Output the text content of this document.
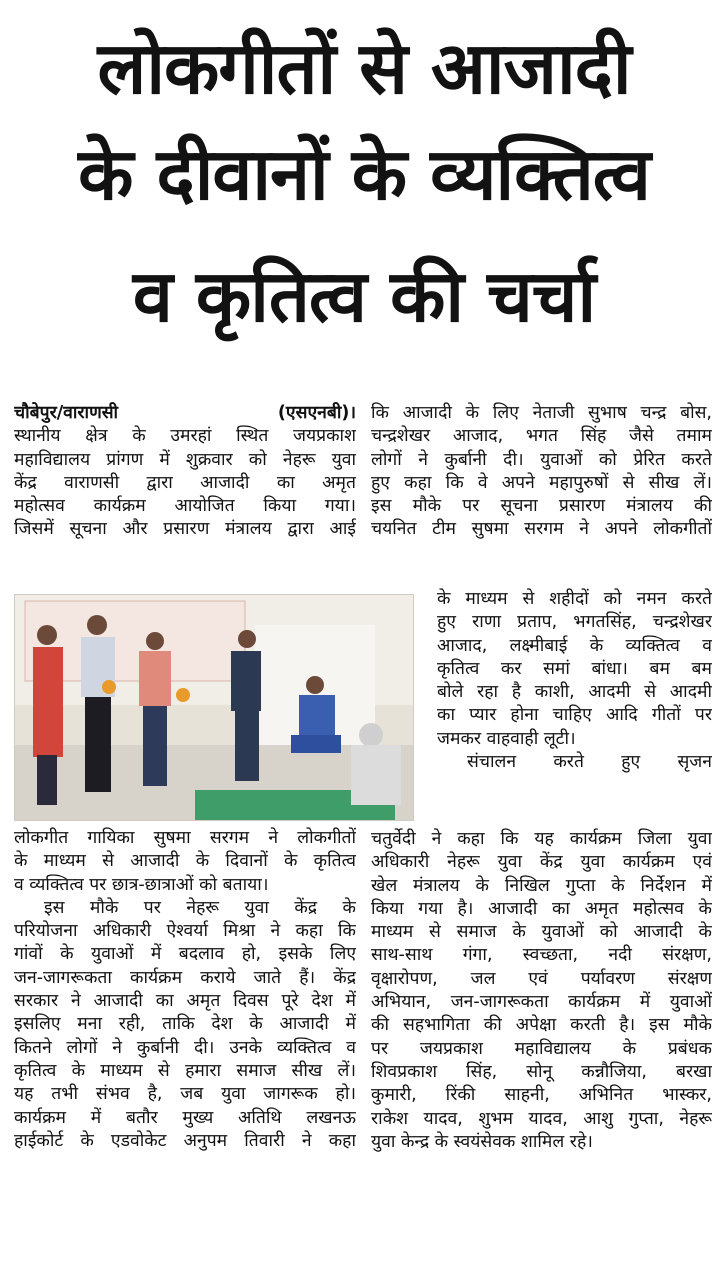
लोकगीतों से आजादी
के दीवानों के व्यक्तित्व
व कृतित्व की चर्चा
चौबेपुर/वाराणसी (एसएनबी)।
स्थानीय क्षेत्र के उमरहां स्थित जयप्रकाश
महाविद्यालय प्रांगण में शुक्रवार को नेहरू युवा
केंद्र वाराणसी द्वारा आजादी का अमृत
महोत्सव कार्यक्रम आयोजित किया गया।
जिसमें सूचना और प्रसारण मंत्रालय द्वारा आई
लोकगीत गायिका सुषमा सरगम ने लोकगीतों
के माध्यम से आजादी के दिवानों के कृतित्व
व व्यक्तित्व पर छात्र-छात्राओं को बताया।
इस मौके पर नेहरू युवा केंद्र के
परियोजना अधिकारी ऐश्वर्या मिश्रा ने कहा कि
गांवों के युवाओं में बदलाव हो, इसके लिए
जन-जागरूकता कार्यक्रम कराये जाते हैं। केंद्र
सरकार ने आजादी का अमृत दिवस पूरे देश में
इसलिए मना रही, ताकि देश के आजादी में
कितने लोगों ने कुर्बानी दी। उनके व्यक्तित्व व
कृतित्व के माध्यम से हमारा समाज सीख लें।
यह तभी संभव है, जब युवा जागरूक हो।
कार्यक्रम में बतौर मुख्य अतिथि लखनऊ
हाईकोर्ट के एडवोकेट अनुपम तिवारी ने कहा
कि आजादी के लिए नेताजी सुभाष चन्द्र बोस,
चन्द्रशेखर आजाद, भगत सिंह जैसे तमाम
लोगों ने कुर्बानी दी। युवाओं को प्रेरित करते
हुए कहा कि वे अपने महापुरुषों से सीख लें।
इस मौके पर सूचना प्रसारण मंत्रालय की
चयनित टीम सुषमा सरगम ने अपने लोकगीतों
के माध्यम से शहीदों को नमन करते
हुए राणा प्रताप, भगतसिंह, चन्द्रशेखर
आजाद, लक्ष्मीबाई के व्यक्तित्व व
कृतित्व कर समां बांधा। बम बम
बोले रहा है काशी, आदमी से आदमी
का प्यार होना चाहिए आदि गीतों पर
जमकर वाहवाही लूटी।
संचालन करते हुए सृजन
चतुर्वेदी ने कहा कि यह कार्यक्रम जिला युवा
अधिकारी नेहरू युवा केंद्र युवा कार्यक्रम एवं
खेल मंत्रालय के निखिल गुप्ता के निर्देशन में
किया गया है। आजादी का अमृत महोत्सव के
माध्यम से समाज के युवाओं को आजादी के
साथ-साथ गंगा, स्वच्छता, नदी संरक्षण,
वृक्षारोपण, जल एवं पर्यावरण संरक्षण
अभियान, जन-जागरूकता कार्यक्रम में युवाओं
की सहभागिता की अपेक्षा करती है। इस मौके
पर जयप्रकाश महाविद्यालय के प्रबंधक
शिवप्रकाश सिंह, सोनू कन्नौजिया, बरखा
कुमारी, रिंकी साहनी, अभिनित भास्कर,
राकेश यादव, शुभम यादव, आशु गुप्ता, नेहरू
युवा केन्द्र के स्वयंसेवक शामिल रहे।
